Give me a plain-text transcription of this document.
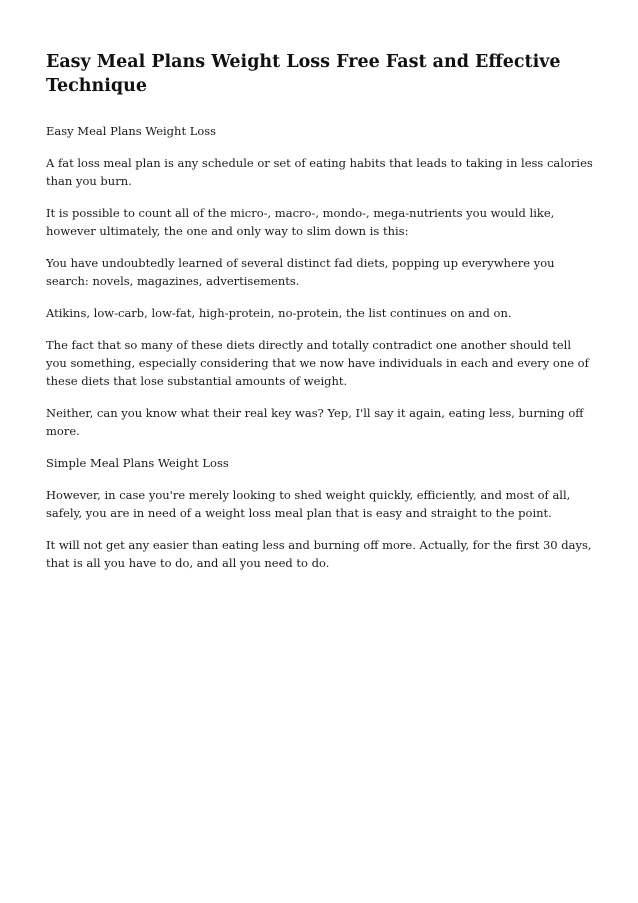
Easy Meal Plans Weight Loss Free Fast and Effective Technique

Easy Meal Plans Weight Loss

A fat loss meal plan is any schedule or set of eating habits that leads to taking in less calories than you burn.

It is possible to count all of the micro-, macro-, mondo-, mega-nutrients you would like, however ultimately, the one and only way to slim down is this:

You have undoubtedly learned of several distinct fad diets, popping up everywhere you search: novels, magazines, advertisements.

Atikins, low-carb, low-fat, high-protein, no-protein, the list continues on and on.

The fact that so many of these diets directly and totally contradict one another should tell you something, especially considering that we now have individuals in each and every one of these diets that lose substantial amounts of weight.

Neither, can you know what their real key was? Yep, I'll say it again, eating less, burning off more.

Simple Meal Plans Weight Loss

However, in case you're merely looking to shed weight quickly, efficiently, and most of all, safely, you are in need of a weight loss meal plan that is easy and straight to the point.

It will not get any easier than eating less and burning off more. Actually, for the first 30 days, that is all you have to do, and all you need to do.
